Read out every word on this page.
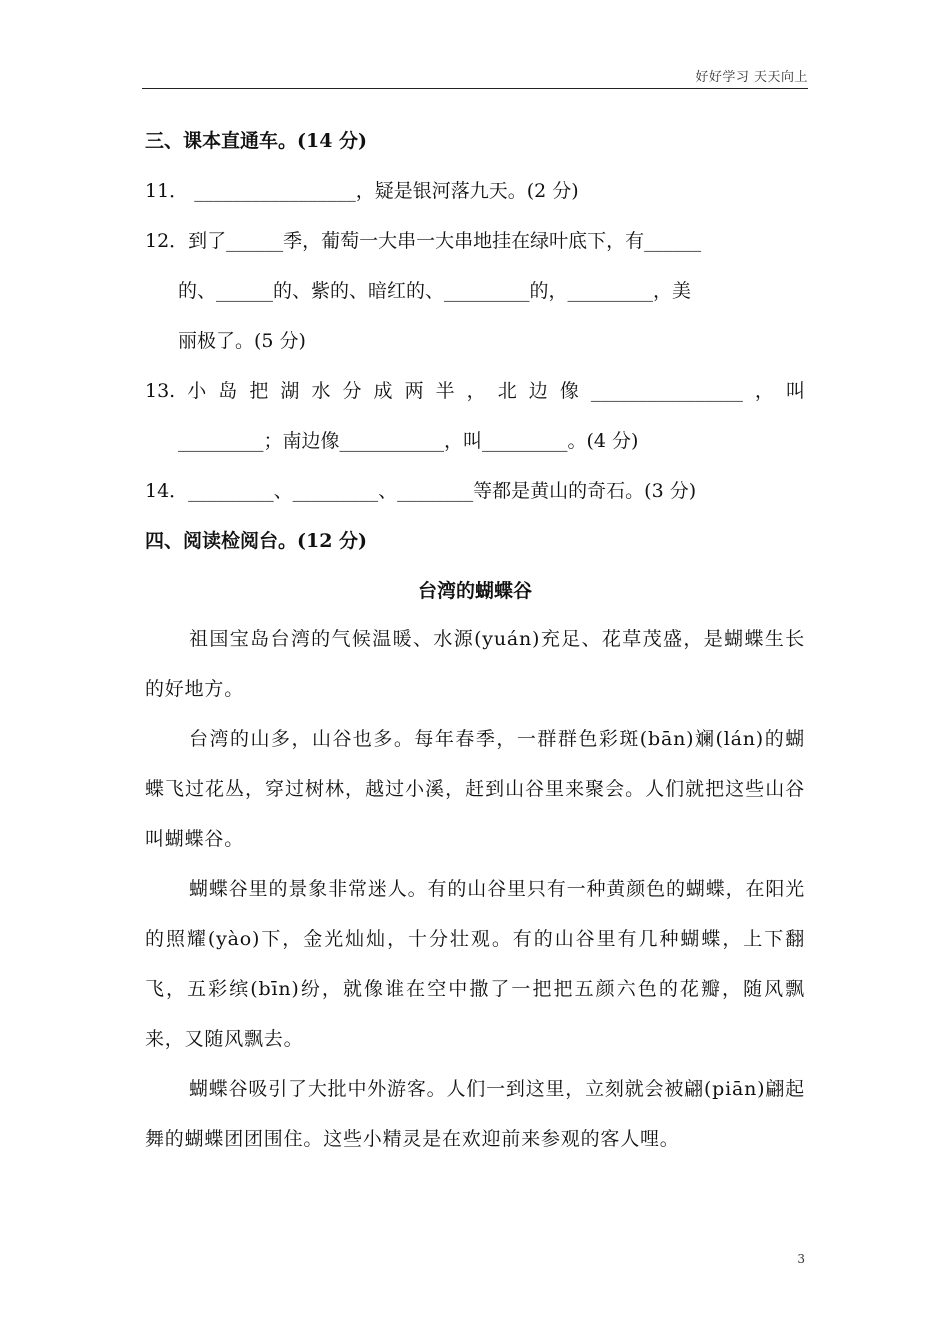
好好学习 天天向上
三、课本直通车。(14 分)
11． _________________，疑是银河落九天。(2 分)
12．到了______季，葡萄一大串一大串地挂在绿叶底下，有______
的、______的、紫的、暗红的、_________的，_________，美
丽极了。(5 分)
13. 小 岛 把 湖 水 分 成 两 半 ， 北 边 像 ________________ ， 叫
_________；南边像___________，叫_________。(4 分)
14．_________、_________、________等都是黄山的奇石。(3 分)
四、阅读检阅台。(12 分)
台湾的蝴蝶谷
祖国宝岛台湾的气候温暖、水源(yuán)充足、花草茂盛，是蝴蝶生长的好地方。
台湾的山多，山谷也多。每年春季，一群群色彩斑(bān)斓(lán)的蝴蝶飞过花丛，穿过树林，越过小溪，赶到山谷里来聚会。人们就把这些山谷叫蝴蝶谷。
蝴蝶谷里的景象非常迷人。有的山谷里只有一种黄颜色的蝴蝶，在阳光的照耀(yào)下，金光灿灿，十分壮观。有的山谷里有几种蝴蝶，上下翻飞，五彩缤(bīn)纷，就像谁在空中撒了一把把五颜六色的花瓣，随风飘来，又随风飘去。
蝴蝶谷吸引了大批中外游客。人们一到这里，立刻就会被翩(piān)翩起舞的蝴蝶团团围住。这些小精灵是在欢迎前来参观的客人哩。
3
